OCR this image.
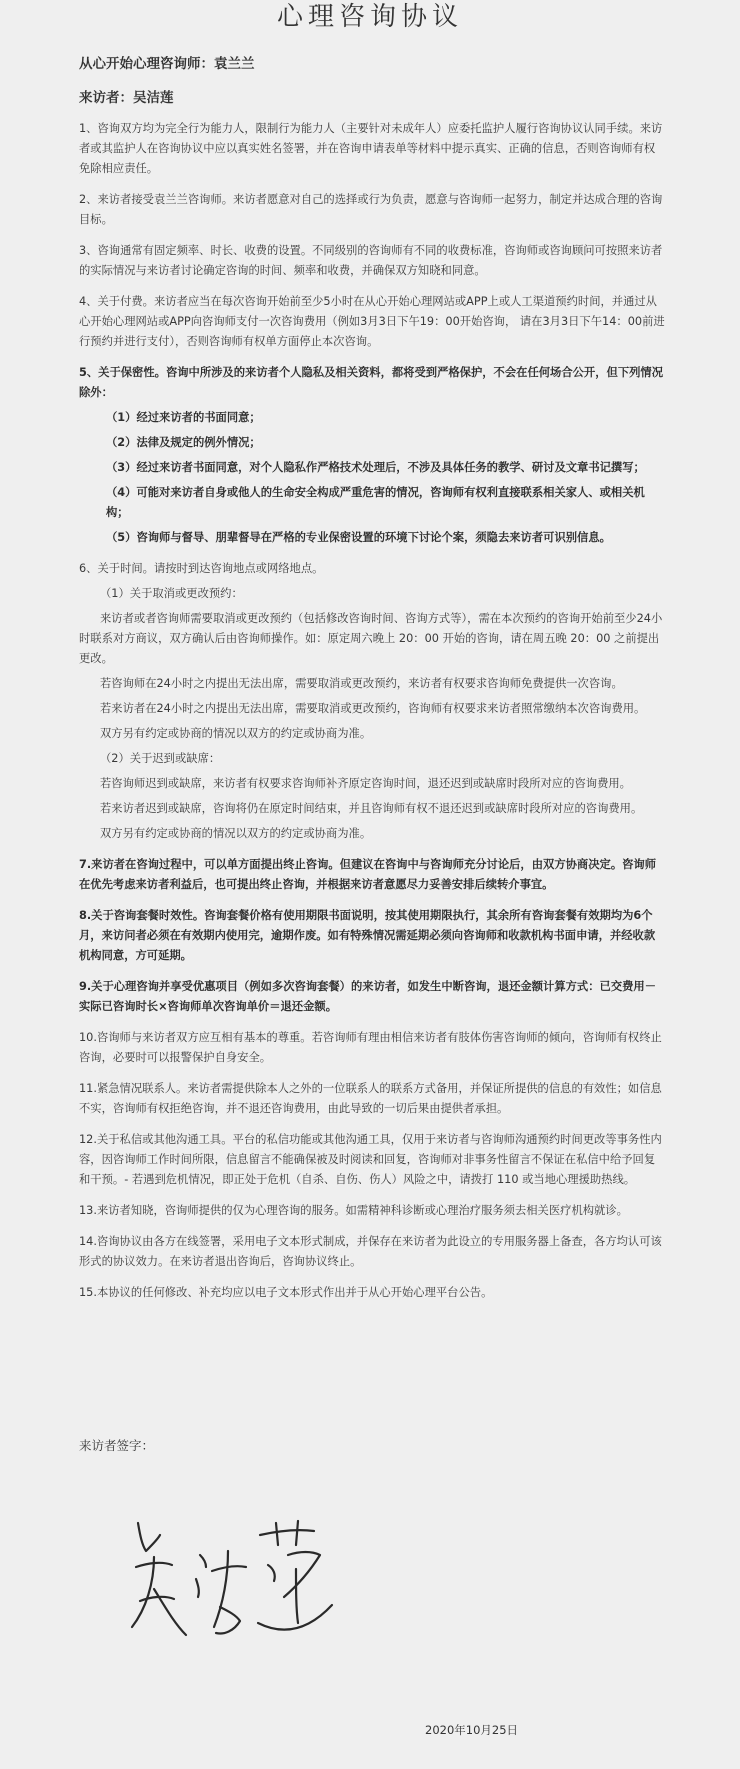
心理咨询协议
从心开始心理咨询师：袁兰兰
来访者：吴洁莲

1、咨询双方均为完全行为能力人，限制行为能力人（主要针对未成年人）应委托监护人履行咨询协议认同手续。来访者或其监护人在咨询协议中应以真实姓名签署，并在咨询申请表单等材料中提示真实、正确的信息，否则咨询师有权免除相应责任。

2、来访者接受袁兰兰咨询师。来访者愿意对自己的选择或行为负责，愿意与咨询师一起努力，制定并达成合理的咨询目标。

3、咨询通常有固定频率、时长、收费的设置。不同级别的咨询师有不同的收费标准，咨询师或咨询顾问可按照来访者的实际情况与来访者讨论确定咨询的时间、频率和收费，并确保双方知晓和同意。

4、关于付费。来访者应当在每次咨询开始前至少5小时在从心开始心理网站或APP上或人工渠道预约时间，并通过从心开始心理网站或APP向咨询师支付一次咨询费用（例如3月3日下午19：00开始咨询， 请在3月3日下午14：00前进行预约并进行支付），否则咨询师有权单方面停止本次咨询。

5、关于保密性。咨询中所涉及的来访者个人隐私及相关资料，都将受到严格保护，不会在任何场合公开，但下列情况除外：

（1）经过来访者的书面同意；

（2）法律及规定的例外情况；

（3）经过来访者书面同意，对个人隐私作严格技术处理后，不涉及具体任务的教学、研讨及文章书记撰写；

（4）可能对来访者自身或他人的生命安全构成严重危害的情况，咨询师有权利直接联系相关家人、或相关机构；

（5）咨询师与督导、朋辈督导在严格的专业保密设置的环境下讨论个案，须隐去来访者可识别信息。

6、关于时间。请按时到达咨询地点或网络地点。

（1）关于取消或更改预约：

来访者或者咨询师需要取消或更改预约（包括修改咨询时间、咨询方式等），需在本次预约的咨询开始前至少24小时联系对方商议，双方确认后由咨询师操作。如：原定周六晚上 20：00 开始的咨询，请在周五晚 20：00 之前提出更改。

若咨询师在24小时之内提出无法出席，需要取消或更改预约，来访者有权要求咨询师免费提供一次咨询。

若来访者在24小时之内提出无法出席，需要取消或更改预约，咨询师有权要求来访者照常缴纳本次咨询费用。

双方另有约定或协商的情况以双方的约定或协商为准。

（2）关于迟到或缺席：

若咨询师迟到或缺席，来访者有权要求咨询师补齐原定咨询时间，退还迟到或缺席时段所对应的咨询费用。

若来访者迟到或缺席，咨询将仍在原定时间结束，并且咨询师有权不退还迟到或缺席时段所对应的咨询费用。

双方另有约定或协商的情况以双方的约定或协商为准。

7.来访者在咨询过程中，可以单方面提出终止咨询。但建议在咨询中与咨询师充分讨论后，由双方协商决定。咨询师在优先考虑来访者利益后，也可提出终止咨询，并根据来访者意愿尽力妥善安排后续转介事宜。

8.关于咨询套餐时效性。咨询套餐价格有使用期限书面说明，按其使用期限执行，其余所有咨询套餐有效期均为6个月，来访问者必须在有效期内使用完，逾期作废。如有特殊情况需延期必须向咨询师和收款机构书面申请，并经收款机构同意，方可延期。

9.关于心理咨询并享受优惠项目（例如多次咨询套餐）的来访者，如发生中断咨询，退还金额计算方式：已交费用－实际已咨询时长×咨询师单次咨询单价＝退还金额。

10.咨询师与来访者双方应互相有基本的尊重。若咨询师有理由相信来访者有肢体伤害咨询师的倾向，咨询师有权终止咨询，必要时可以报警保护自身安全。

11.紧急情况联系人。来访者需提供除本人之外的一位联系人的联系方式备用，并保证所提供的信息的有效性；如信息不实，咨询师有权拒绝咨询，并不退还咨询费用，由此导致的一切后果由提供者承担。

12.关于私信或其他沟通工具。平台的私信功能或其他沟通工具，仅用于来访者与咨询师沟通预约时间更改等事务性内容，因咨询师工作时间所限，信息留言不能确保被及时阅读和回复，咨询师对非事务性留言不保证在私信中给予回复和干预。- 若遇到危机情况，即正处于危机（自杀、自伤、伤人）风险之中，请拨打 110 或当地心理援助热线。

13.来访者知晓，咨询师提供的仅为心理咨询的服务。如需精神科诊断或心理治疗服务须去相关医疗机构就诊。

14.咨询协议由各方在线签署，采用电子文本形式制成，并保存在来访者为此设立的专用服务器上备查，各方均认可该形式的协议效力。在来访者退出咨询后，咨询协议终止。

15.本协议的任何修改、补充均应以电子文本形式作出并于从心开始心理平台公告。

来访者签字：
2020年10月25日
